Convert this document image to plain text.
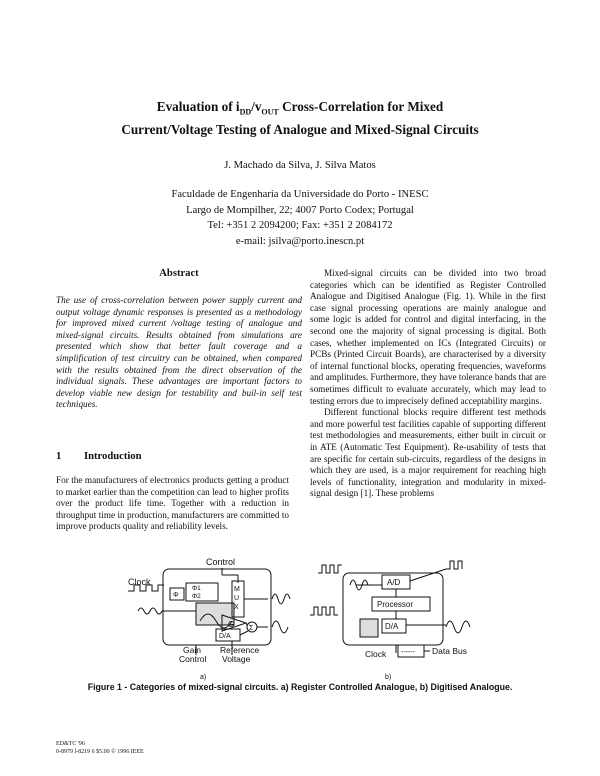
Evaluation of $i_{DD}/v_{OUT}$ Cross-Correlation for Mixed
Current/Voltage Testing of Analogue and Mixed-Signal Circuits
J. Machado da Silva, J. Silva Matos
Faculdade de Engenharia da Universidade do Porto - INESC
Largo de Mompilher, 22; 4007 Porto Codex; Portugal
Tel: +351 2 2094200; Fax: +351 2 2084172
e-mail: jsilva@porto.inescn.pt
Abstract
The use of cross-correlation between power supply current and output voltage dynamic responses is presented as a methodology for improved mixed current /voltage testing of analogue and mixed-signal circuits. Results obtained from simulations are presented which show that better fault coverage and a simplification of test circuitry can be obtained, when compared with the results obtained from the direct observation of the individual signals. These advantages are important factors to develop viable new design for testability and buil-in self test techniques.
1 Introduction
For the manufacturers of electronics products getting a product to market earlier than the competition can lead to higher profits over the product life time. Together with a reduction in throughput time in production, manufacturers are committed to improve products quality and reliability levels.

Mixed-signal circuits can be divided into two broad categories which can be identified as Register Controlled Analogue and Digitised Analogue (Fig. 1). While in the first case signal processing operations are mainly analogue and some logic is added for control and digital interfacing, in the second one the majority of signal processing is digital. Both cases, whether implemented on ICs (Integrated Circuits) or PCBs (Printed Circuit Boards), are characterised by a diversity of internal functional blocks, operating frequencies, waveforms and amplitudes. Furthermore, they have tolerance bands that are sometimes difficult to evaluate accurately, which may lead to testing errors due to imprecisely defined acceptability margins.

Different functional blocks require different test methods and more powerful test facilities capable of supporting different test methodologies and measurements, either built in circuit or in ATE (Automatic Test Equipment). Re-usability of tests that are specific for certain sub-circuits, regardless of the designs in which they are used, is a major requirement for reaching high levels of functionality, integration and modularity in mixed-signal design [1]. These problems

Control
Clock
Φ
Φ1
Φ2
M
U
X
G
D/A
Σ
Gain
Control
Reference
Voltage
a)
A/D
Processor
D/A
Clock ------ Data Bus
b)
Figure 1 - Categories of mixed-signal circuits. a) Register Controlled Analogue, b) Digitised Analogue.
ED&TC '96
0-8979 l-8219 6 $5.00 © 1996 IEEE
